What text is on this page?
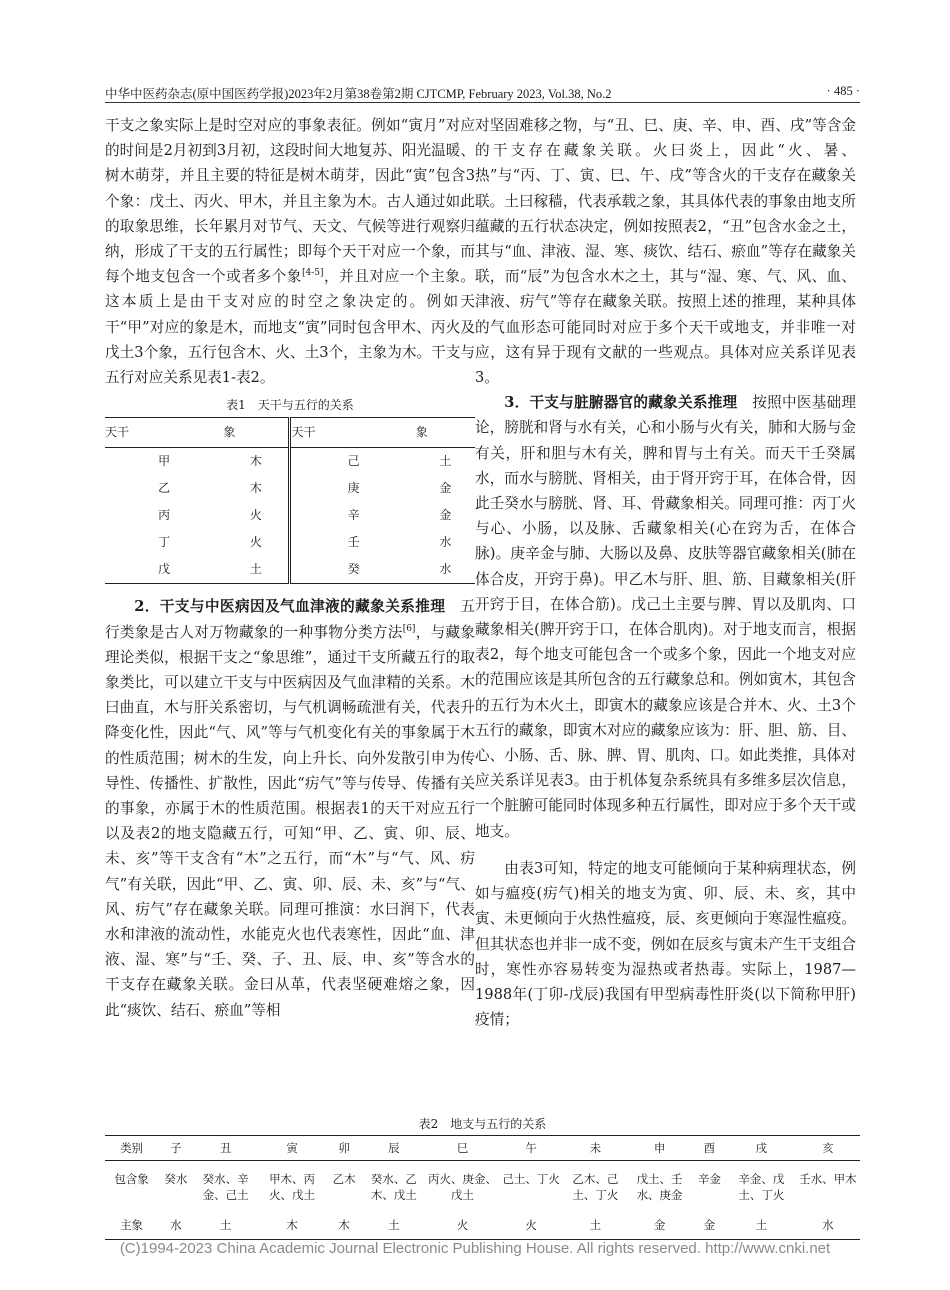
中华中医药杂志(原中国医药学报)2023年2月第38卷第2期 CJTCMP, February 2023, Vol.38, No.2	· 485 ·

干支之象实际上是时空对应的事象表征。例如“寅月”对应的时间是2月初到3月初，这段时间大地复苏、阳光温暖、树木萌芽，并且主要的特征是树木萌芽，因此“寅”包含3个象：戊土、丙火、甲木，并且主象为木。古人通过如此的取象思维，长年累月对节气、天文、气候等进行观察归纳，形成了干支的五行属性；即每个天干对应一个象，而每个地支包含一个或者多个象[4-5]，并且对应一个主象。这本质上是由干支对应的时空之象决定的。例如天干“甲”对应的象是木，而地支“寅”同时包含甲木、丙火及戊土3个象，五行包含木、火、土3个，主象为木。干支与五行对应关系见表1-表2。

表1　天干与五行的关系
天干	象	天干	象
甲	木	己	土
乙	木	庚	金
丙	火	辛	金
丁	火	壬	水
戊	土	癸	水

2．干支与中医病因及气血津液的藏象关系推理　五行类象是古人对万物藏象的一种事物分类方法[6]，与藏象理论类似，根据干支之“象思维”，通过干支所藏五行的取象类比，可以建立干支与中医病因及气血津精的关系。木曰曲直，木与肝关系密切，与气机调畅疏泄有关，代表升降变化性，因此“气、风”等与气机变化有关的事象属于木的性质范围；树木的生发，向上升长、向外发散引申为传导性、传播性、扩散性，因此“疠气”等与传导、传播有关的事象，亦属于木的性质范围。根据表1的天干对应五行以及表2的地支隐藏五行，可知“甲、乙、寅、卯、辰、未、亥”等干支含有“木”之五行，而“木”与“气、风、疠气”有关联，因此“甲、乙、寅、卯、辰、未、亥”与“气、风、疠气”存在藏象关联。同理可推演：水曰润下，代表水和津液的流动性，水能克火也代表寒性，因此“血、津液、湿、寒”与“壬、癸、子、丑、辰、申、亥”等含水的干支存在藏象关联。金曰从革，代表坚硬难熔之象，因此“痰饮、结石、瘀血”等相

对坚固难移之物，与“丑、巳、庚、辛、申、酉、戌”等含金的干支存在藏象关联。火曰炎上，因此“火、暑、热”与“丙、丁、寅、巳、午、戌”等含火的干支存在藏象关联。土曰稼穑，代表承载之象，其具体代表的事象由地支所蕴藏的五行状态决定，例如按照表2，“丑”包含水金之土，其与“血、津液、湿、寒、痰饮、结石、瘀血”等存在藏象关联，而“辰”为包含水木之土，其与“湿、寒、气、风、血、津液、疠气”等存在藏象关联。按照上述的推理，某种具体的气血形态可能同时对应于多个天干或地支，并非唯一对应，这有异于现有文献的一些观点。具体对应关系详见表3。

3．干支与脏腑器官的藏象关系推理　按照中医基础理论，膀胱和肾与水有关，心和小肠与火有关，肺和大肠与金有关，肝和胆与木有关，脾和胃与土有关。而天干壬癸属水，而水与膀胱、肾相关，由于肾开窍于耳，在体合骨，因此壬癸水与膀胱、肾、耳、骨藏象相关。同理可推：丙丁火与心、小肠，以及脉、舌藏象相关(心在窍为舌，在体合脉)。庚辛金与肺、大肠以及鼻、皮肤等器官藏象相关(肺在体合皮，开窍于鼻)。甲乙木与肝、胆、筋、目藏象相关(肝开窍于目，在体合筋)。戊己土主要与脾、胃以及肌肉、口藏象相关(脾开窍于口，在体合肌肉)。对于地支而言，根据表2，每个地支可能包含一个或多个象，因此一个地支对应的范围应该是其所包含的五行藏象总和。例如寅木，其包含的五行为木火土，即寅木的藏象应该是合并木、火、土3个五行的藏象，即寅木对应的藏象应该为：肝、胆、筋、目、心、小肠、舌、脉、脾、胃、肌肉、口。如此类推，具体对应关系详见表3。由于机体复杂系统具有多维多层次信息，一个脏腑可能同时体现多种五行属性，即对应于多个天干或地支。

由表3可知，特定的地支可能倾向于某种病理状态，例如与瘟疫(疠气)相关的地支为寅、卯、辰、未、亥，其中寅、未更倾向于火热性瘟疫，辰、亥更倾向于寒湿性瘟疫。但其状态也并非一成不变，例如在辰亥与寅未产生干支组合时，寒性亦容易转变为湿热或者热毒。实际上，1987—1988年(丁卯-戊辰)我国有甲型病毒性肝炎(以下简称甲肝)疫情；

表2　地支与五行的关系
类别	子	丑	寅	卯	辰	巳	午	未	申	酉	戌	亥
包含象	癸水	癸水、辛金、己土	甲木、丙火、戊土	乙木	癸水、乙木、戊土	丙火、庚金、戊土	己土、丁火	乙木、己土、丁火	戊土、壬水、庚金	辛金	辛金、戊土、丁火	壬水、甲木
主象	水	土	木	木	土	火	火	土	金	金	土	水
(C)1994-2023 China Academic Journal Electronic Publishing House. All rights reserved. http://www.cnki.net
